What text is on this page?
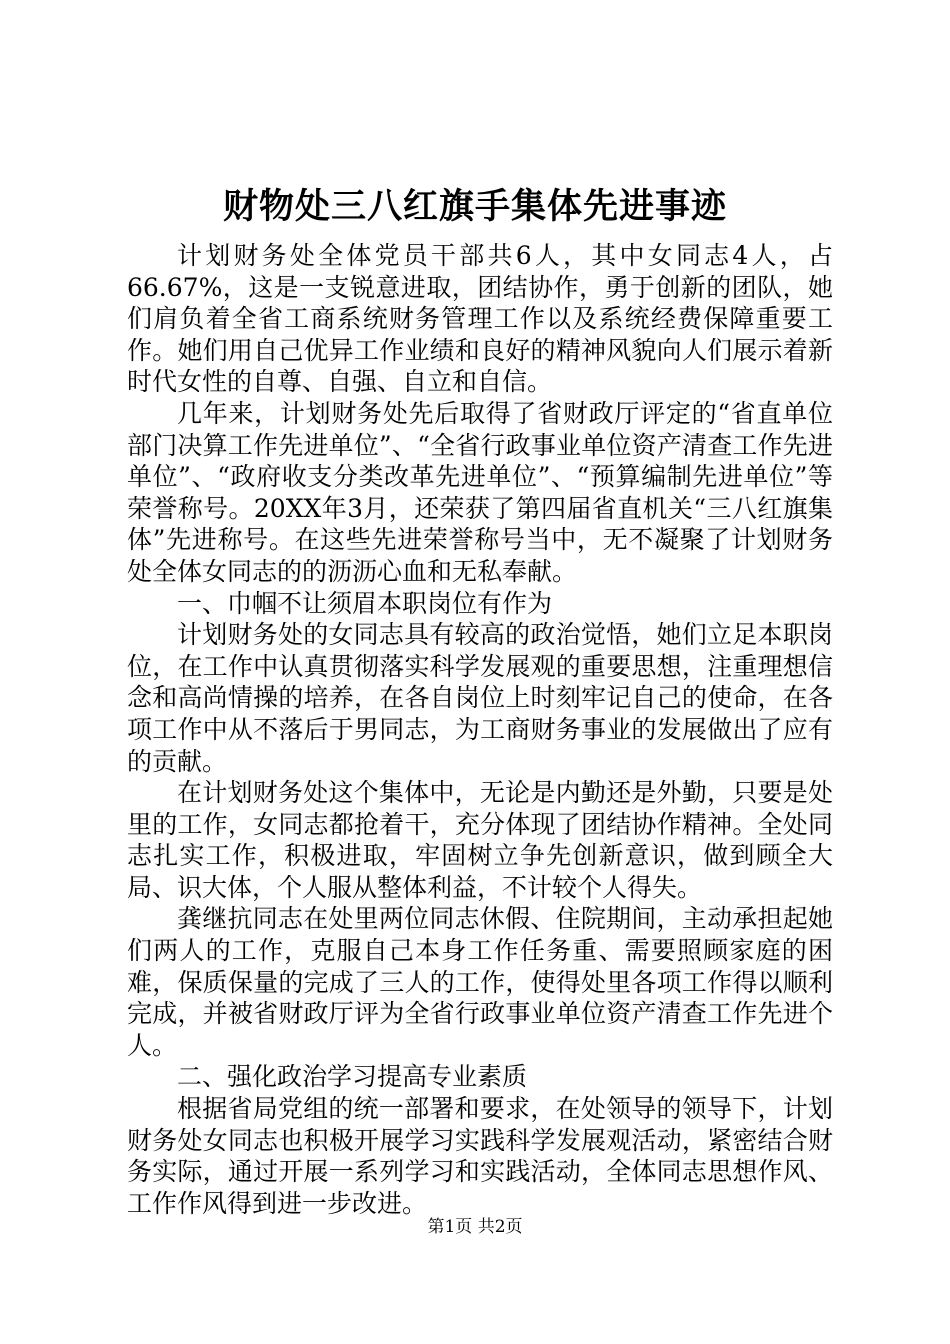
财物处三八红旗手集体先进事迹

计划财务处全体党员干部共6人，其中女同志4人，占66.67%，这是一支锐意进取，团结协作，勇于创新的团队，她们肩负着全省工商系统财务管理工作以及系统经费保障重要工作。她们用自己优异工作业绩和良好的精神风貌向人们展示着新时代女性的自尊、自强、自立和自信。

几年来，计划财务处先后取得了省财政厅评定的“省直单位部门决算工作先进单位”、“全省行政事业单位资产清查工作先进单位”、“政府收支分类改革先进单位”、“预算编制先进单位”等荣誉称号。20XX年3月，还荣获了第四届省直机关“三八红旗集体”先进称号。在这些先进荣誉称号当中，无不凝聚了计划财务处全体女同志的的沥沥心血和无私奉献。

一、巾帼不让须眉本职岗位有作为

计划财务处的女同志具有较高的政治觉悟，她们立足本职岗位，在工作中认真贯彻落实科学发展观的重要思想，注重理想信念和高尚情操的培养，在各自岗位上时刻牢记自己的使命，在各项工作中从不落后于男同志，为工商财务事业的发展做出了应有的贡献。

在计划财务处这个集体中，无论是内勤还是外勤，只要是处里的工作，女同志都抢着干，充分体现了团结协作精神。全处同志扎实工作，积极进取，牢固树立争先创新意识，做到顾全大局、识大体，个人服从整体利益，不计较个人得失。

龚继抗同志在处里两位同志休假、住院期间，主动承担起她们两人的工作，克服自己本身工作任务重、需要照顾家庭的困难，保质保量的完成了三人的工作，使得处里各项工作得以顺利完成，并被省财政厅评为全省行政事业单位资产清查工作先进个人。

二、强化政治学习提高专业素质

根据省局党组的统一部署和要求，在处领导的领导下，计划财务处女同志也积极开展学习实践科学发展观活动，紧密结合财务实际，通过开展一系列学习和实践活动，全体同志思想作风、工作作风得到进一步改进。

第1页 共2页
